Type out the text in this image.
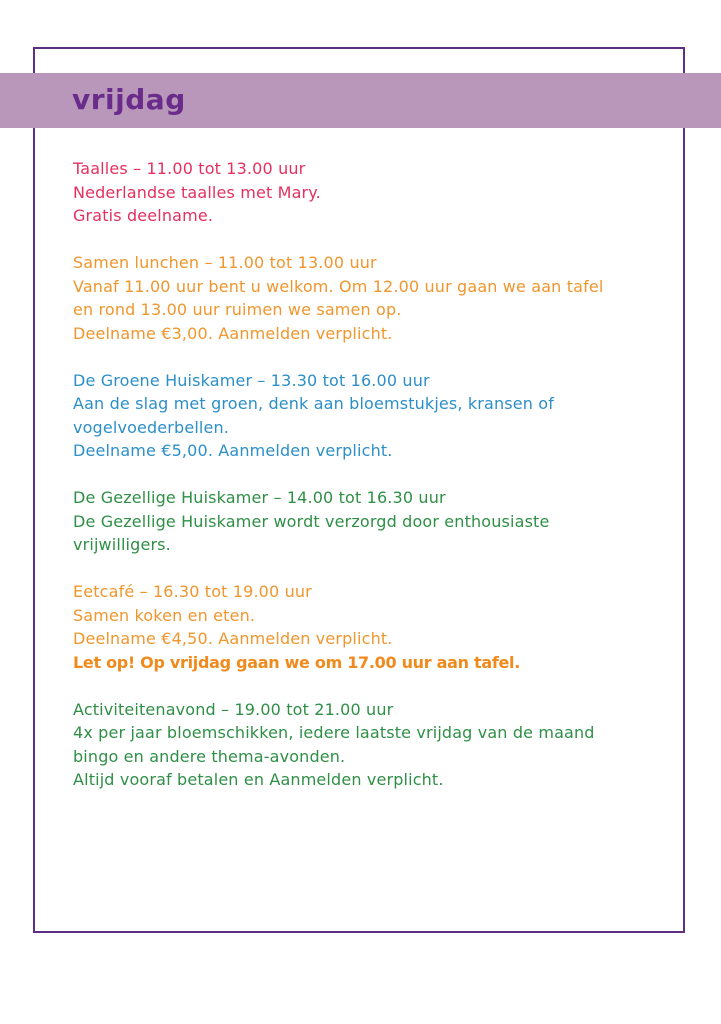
vrijdag
Taalles – 11.00 tot 13.00 uur
Nederlandse taalles met Mary.
Gratis deelname.
Samen lunchen – 11.00 tot 13.00 uur
Vanaf 11.00 uur bent u welkom. Om 12.00 uur gaan we aan tafel
en rond 13.00 uur ruimen we samen op.
Deelname €3,00. Aanmelden verplicht.
De Groene Huiskamer – 13.30 tot 16.00 uur
Aan de slag met groen, denk aan bloemstukjes, kransen of
vogelvoederbellen.
Deelname €5,00. Aanmelden verplicht.
De Gezellige Huiskamer – 14.00 tot 16.30 uur
De Gezellige Huiskamer wordt verzorgd door enthousiaste
vrijwilligers.
Eetcafé – 16.30 tot 19.00 uur
Samen koken en eten.
Deelname €4,50. Aanmelden verplicht.
Let op! Op vrijdag gaan we om 17.00 uur aan tafel.
Activiteitenavond – 19.00 tot 21.00 uur
4x per jaar bloemschikken, iedere laatste vrijdag van de maand
bingo en andere thema-avonden.
Altijd vooraf betalen en Aanmelden verplicht.
